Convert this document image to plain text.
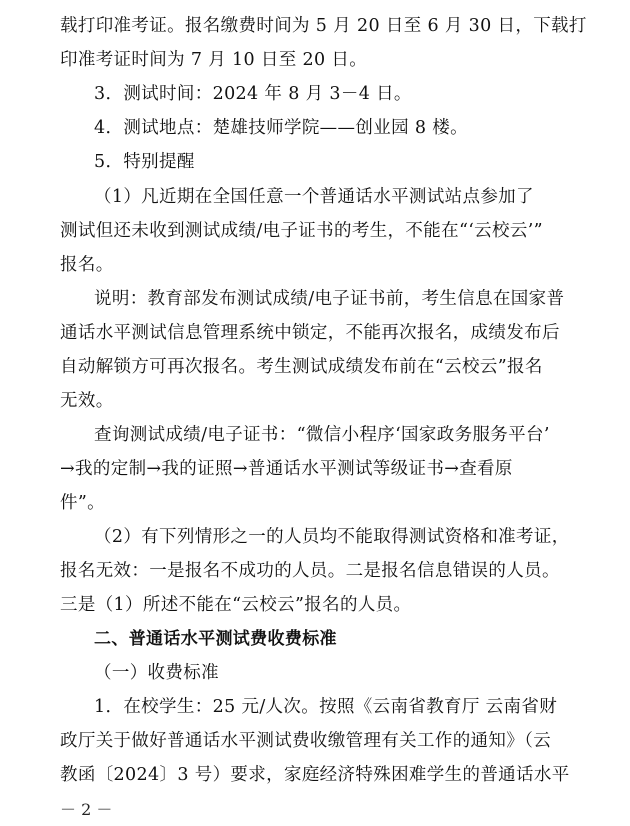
载打印准考证。报名缴费时间为 5 月 20 日至 6 月 30 日，下载打
印准考证时间为 7 月 10 日至 20 日。
3．测试时间：2024 年 8 月 3－4 日。
4．测试地点：楚雄技师学院——创业园 8 楼。
5．特别提醒
（1）凡近期在全国任意一个普通话水平测试站点参加了
测试但还未收到测试成绩/电子证书的考生，不能在“‘云校云’”
报名。
说明：教育部发布测试成绩/电子证书前，考生信息在国家普
通话水平测试信息管理系统中锁定，不能再次报名，成绩发布后
自动解锁方可再次报名。考生测试成绩发布前在“云校云”报名
无效。
查询测试成绩/电子证书：“微信小程序‘国家政务服务平台’
→我的定制→我的证照→普通话水平测试等级证书→查看原
件”。
（2）有下列情形之一的人员均不能取得测试资格和准考证，
报名无效：一是报名不成功的人员。二是报名信息错误的人员。
三是（1）所述不能在“云校云”报名的人员。
二、普通话水平测试费收费标准
（一）收费标准
1．在校学生：25 元/人次。按照《云南省教育厅 云南省财
政厅关于做好普通话水平测试费收缴管理有关工作的通知》（云
教函〔2024〕3 号）要求，家庭经济特殊困难学生的普通话水平
－ 2 －
